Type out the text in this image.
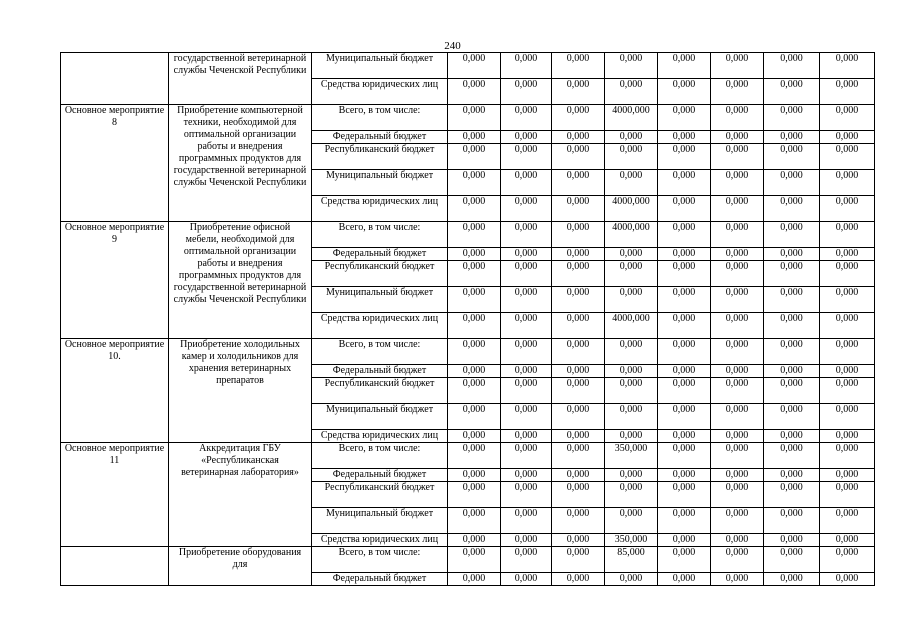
240
	государственной ветеринарной службы Чеченской Республики	Муниципальный бюджет	0,000	0,000	0,000	0,000	0,000	0,000	0,000	0,000
		Средства юридических лиц	0,000	0,000	0,000	0,000	0,000	0,000	0,000	0,000
Основное мероприятие 8	Приобретение компьютерной техники, необходимой для оптимальной организации работы и внедрения программных продуктов для государственной ветеринарной службы Чеченской Республики	Всего, в том числе:	0,000	0,000	0,000	4000,000	0,000	0,000	0,000	0,000
		Федеральный бюджет	0,000	0,000	0,000	0,000	0,000	0,000	0,000	0,000
		Республиканский бюджет	0,000	0,000	0,000	0,000	0,000	0,000	0,000	0,000
		Муниципальный бюджет	0,000	0,000	0,000	0,000	0,000	0,000	0,000	0,000
		Средства юридических лиц	0,000	0,000	0,000	4000,000	0,000	0,000	0,000	0,000
Основное мероприятие 9	Приобретение офисной мебели, необходимой для оптимальной организации работы и внедрения программных продуктов для государственной ветеринарной службы Чеченской Республики	Всего, в том числе:	0,000	0,000	0,000	4000,000	0,000	0,000	0,000	0,000
		Федеральный бюджет	0,000	0,000	0,000	0,000	0,000	0,000	0,000	0,000
		Республиканский бюджет	0,000	0,000	0,000	0,000	0,000	0,000	0,000	0,000
		Муниципальный бюджет	0,000	0,000	0,000	0,000	0,000	0,000	0,000	0,000
		Средства юридических лиц	0,000	0,000	0,000	4000,000	0,000	0,000	0,000	0,000
Основное мероприятие 10.	Приобретение холодильных камер и холодильников для хранения ветеринарных препаратов	Всего, в том числе:	0,000	0,000	0,000	0,000	0,000	0,000	0,000	0,000
		Федеральный бюджет	0,000	0,000	0,000	0,000	0,000	0,000	0,000	0,000
		Республиканский бюджет	0,000	0,000	0,000	0,000	0,000	0,000	0,000	0,000
		Муниципальный бюджет	0,000	0,000	0,000	0,000	0,000	0,000	0,000	0,000
		Средства юридических лиц	0,000	0,000	0,000	0,000	0,000	0,000	0,000	0,000
Основное мероприятие 11	Аккредитация ГБУ «Республиканская ветеринарная лаборатория»	Всего, в том числе:	0,000	0,000	0,000	350,000	0,000	0,000	0,000	0,000
		Федеральный бюджет	0,000	0,000	0,000	0,000	0,000	0,000	0,000	0,000
		Республиканский бюджет	0,000	0,000	0,000	0,000	0,000	0,000	0,000	0,000
		Муниципальный бюджет	0,000	0,000	0,000	0,000	0,000	0,000	0,000	0,000
		Средства юридических лиц	0,000	0,000	0,000	350,000	0,000	0,000	0,000	0,000
	Приобретение оборудования для	Всего, в том числе:	0,000	0,000	0,000	85,000	0,000	0,000	0,000	0,000
		Федеральный бюджет	0,000	0,000	0,000	0,000	0,000	0,000	0,000	0,000
